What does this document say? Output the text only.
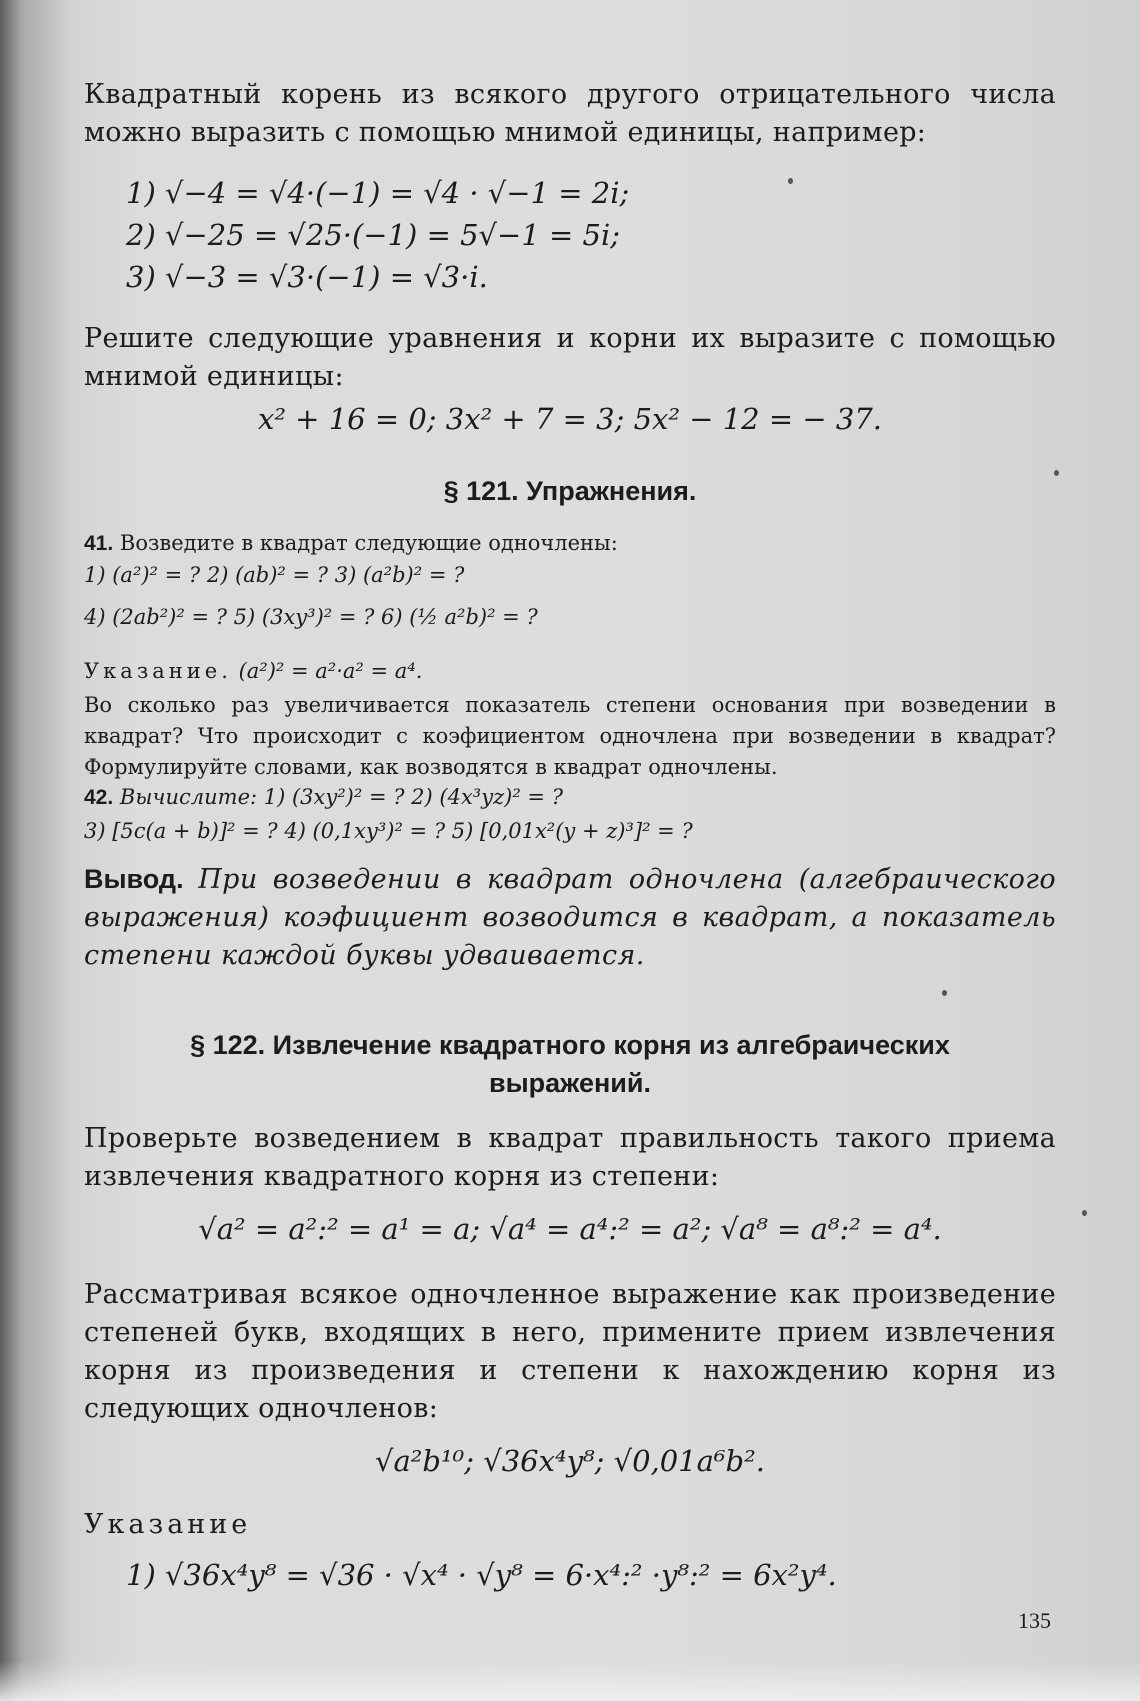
Квадратный корень из всякого другого отрицательного числа можно выразить с помощью мнимой единицы, например:
1) √−4 = √4·(−1) = √4 · √−1 = 2i;
2) √−25 = √25·(−1) = 5√−1 = 5i;
3) √−3 = √3·(−1) = √3·i.
Решите следующие уравнения и корни их выразите с помощью мнимой единицы:
x² + 16 = 0; 3x² + 7 = 3; 5x² − 12 = − 37.
§ 121. Упражнения.
41. Возведите в квадрат следующие одночлены:
1) (a²)² = ? 2) (ab)² = ? 3) (a²b)² = ?
4) (2ab²)² = ? 5) (3xy³)² = ? 6) (½ a²b)² = ?
Указание. (a²)² = a²·a² = a⁴.
Во сколько раз увеличивается показатель степени основания при возведении в квадрат? Что происходит с коэфициентом одночлена при возведении в квадрат? Формулируйте словами, как возводятся в квадрат одночлены.
42. Вычислите: 1) (3xy²)² = ? 2) (4x³yz)² = ?
3) [5c(a + b)]² = ? 4) (0,1xy³)² = ? 5) [0,01x²(y + z)³]² = ?
Вывод. При возведении в квадрат одночлена (алгебраического выражения) коэфициент возводится в квадрат, а показатель степени каждой буквы удваивается.
§ 122. Извлечение квадратного корня из алгебраических выражений.
Проверьте возведением в квадрат правильность такого приема извлечения квадратного корня из степени:
√a² = a²:² = a¹ = a; √a⁴ = a⁴:² = a²; √a⁸ = a⁸:² = a⁴.
Рассматривая всякое одночленное выражение как произведение степеней букв, входящих в него, примените прием извлечения корня из произведения и степени к нахождению корня из следующих одночленов:
√a²b¹⁰; √36x⁴y⁸; √0,01a⁶b².
Указание
1) √36x⁴y⁸ = √36 · √x⁴ · √y⁸ = 6·x⁴:² ·y⁸:² = 6x²y⁴.
135
